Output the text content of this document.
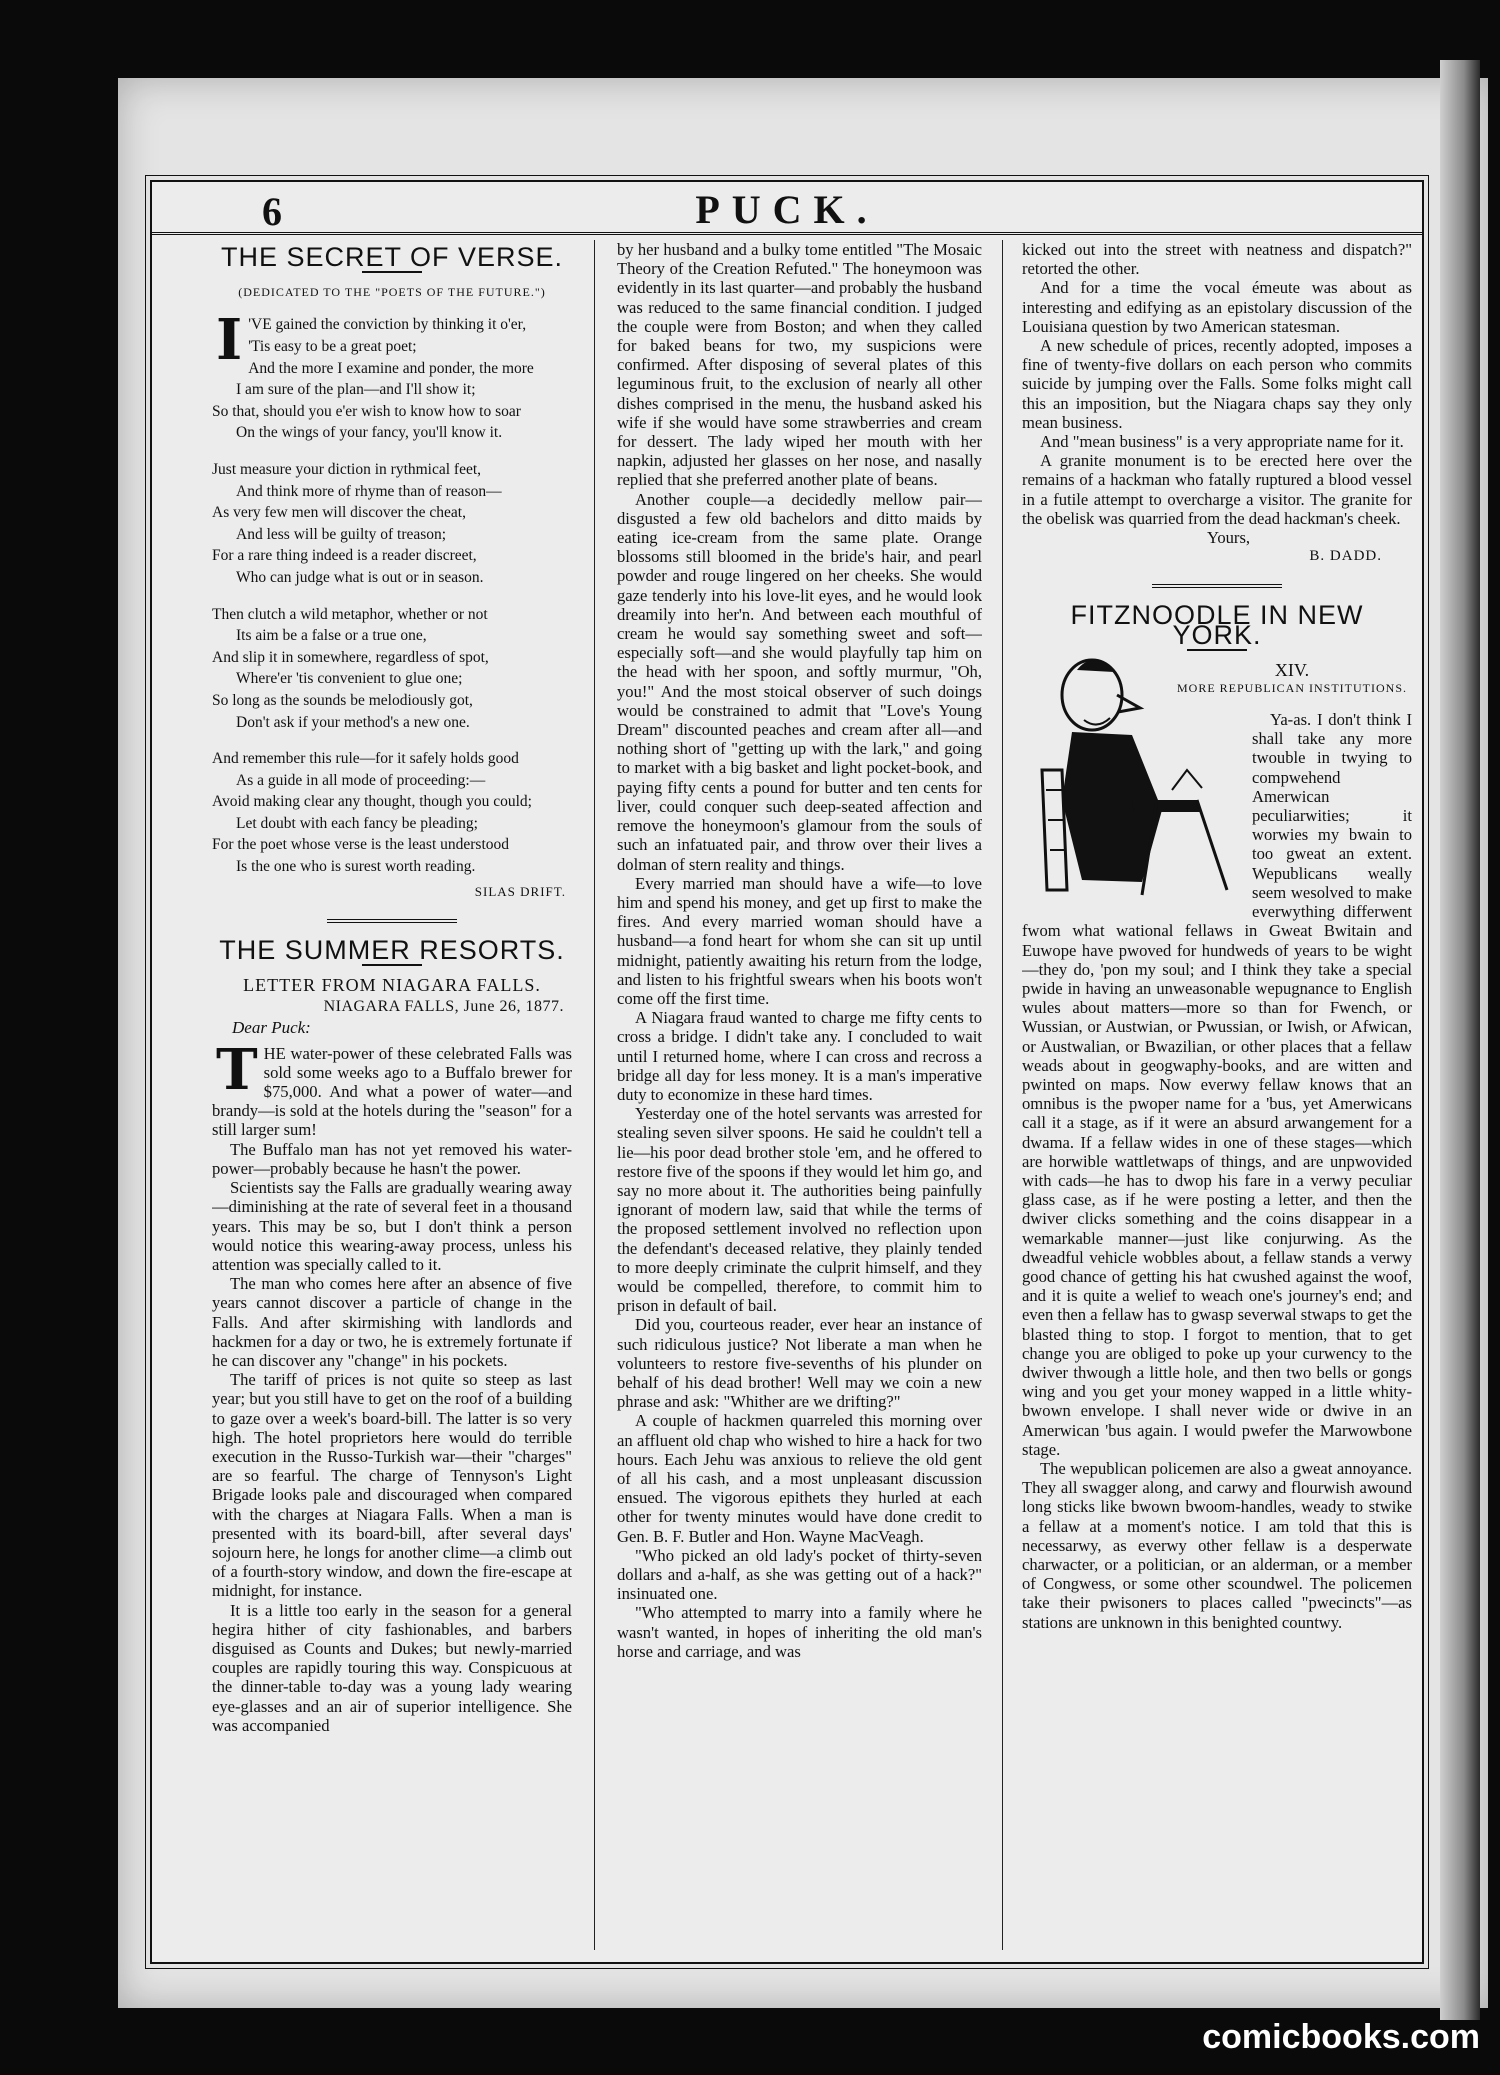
6	PUCK.
THE SECRET OF VERSE.
(DEDICATED TO THE "POETS OF THE FUTURE.")
I 'VE gained the conviction by thinking it o'er,

'Tis easy to be a great poet;

And the more I examine and ponder, the more

I am sure of the plan—and I'll show it;

So that, should you e'er wish to know how to soar

On the wings of your fancy, you'll know it.

Just measure your diction in rythmical feet,

And think more of rhyme than of reason—

As very few men will discover the cheat,

And less will be guilty of treason;

For a rare thing indeed is a reader discreet,

Who can judge what is out or in season.

Then clutch a wild metaphor, whether or not

Its aim be a false or a true one,

And slip it in somewhere, regardless of spot,

Where'er 'tis convenient to glue one;

So long as the sounds be melodiously got,

Don't ask if your method's a new one.

And remember this rule—for it safely holds good

As a guide in all mode of proceeding:—

Avoid making clear any thought, though you could;

Let doubt with each fancy be pleading;

For the poet whose verse is the least understood

Is the one who is surest worth reading.

SILAS DRIFT.
THE SUMMER RESORTS.
LETTER FROM NIAGARA FALLS.
NIAGARA FALLS, June 26, 1877.
Dear Puck:
T HE water-power of these celebrated Falls was sold some weeks ago to a Buffalo brewer for $75,000. And what a power of water—and brandy—is sold at the hotels during the "season" for a still larger sum!

The Buffalo man has not yet removed his water-power—probably because he hasn't the power.

Scientists say the Falls are gradually wearing away—diminishing at the rate of several feet in a thousand years. This may be so, but I don't think a person would notice this wearing-away process, unless his attention was specially called to it.

The man who comes here after an absence of five years cannot discover a particle of change in the Falls. And after skirmishing with landlords and hackmen for a day or two, he is extremely fortunate if he can discover any "change" in his pockets.

The tariff of prices is not quite so steep as last year; but you still have to get on the roof of a building to gaze over a week's board-bill. The latter is so very high. The hotel proprietors here would do terrible execution in the Russo-Turkish war—their "charges" are so fearful. The charge of Tennyson's Light Brigade looks pale and discouraged when compared with the charges at Niagara Falls. When a man is presented with its board-bill, after several days' sojourn here, he longs for another clime—a climb out of a fourth-story window, and down the fire-escape at midnight, for instance.

It is a little too early in the season for a general hegira hither of city fashionables, and barbers disguised as Counts and Dukes; but newly-married couples are rapidly touring this way. Conspicuous at the dinner-table to-day was a young lady wearing eye-glasses and an air of superior intelligence. She was accompanied

by her husband and a bulky tome entitled "The Mosaic Theory of the Creation Refuted." The honeymoon was evidently in its last quarter—and probably the husband was reduced to the same financial condition. I judged the couple were from Boston; and when they called for baked beans for two, my suspicions were confirmed. After disposing of several plates of this leguminous fruit, to the exclusion of nearly all other dishes comprised in the menu, the husband asked his wife if she would have some strawberries and cream for dessert. The lady wiped her mouth with her napkin, adjusted her glasses on her nose, and nasally replied that she preferred another plate of beans.

Another couple—a decidedly mellow pair—disgusted a few old bachelors and ditto maids by eating ice-cream from the same plate. Orange blossoms still bloomed in the bride's hair, and pearl powder and rouge lingered on her cheeks. She would gaze tenderly into his love-lit eyes, and he would look dreamily into her'n. And between each mouthful of cream he would say something sweet and soft—especially soft—and she would playfully tap him on the head with her spoon, and softly murmur, "Oh, you!" And the most stoical observer of such doings would be constrained to admit that "Love's Young Dream" discounted peaches and cream after all—and nothing short of "getting up with the lark," and going to market with a big basket and light pocket-book, and paying fifty cents a pound for butter and ten cents for liver, could conquer such deep-seated affection and remove the honeymoon's glamour from the souls of such an infatuated pair, and throw over their lives a dolman of stern reality and things.

Every married man should have a wife—to love him and spend his money, and get up first to make the fires. And every married woman should have a husband—a fond heart for whom she can sit up until midnight, patiently awaiting his return from the lodge, and listen to his frightful swears when his boots won't come off the first time.

A Niagara fraud wanted to charge me fifty cents to cross a bridge. I didn't take any. I concluded to wait until I returned home, where I can cross and recross a bridge all day for less money. It is a man's imperative duty to economize in these hard times.

Yesterday one of the hotel servants was arrested for stealing seven silver spoons. He said he couldn't tell a lie—his poor dead brother stole 'em, and he offered to restore five of the spoons if they would let him go, and say no more about it. The authorities being painfully ignorant of modern law, said that while the terms of the proposed settlement involved no reflection upon the defendant's deceased relative, they plainly tended to more deeply criminate the culprit himself, and they would be compelled, therefore, to commit him to prison in default of bail.

Did you, courteous reader, ever hear an instance of such ridiculous justice? Not liberate a man when he volunteers to restore five-sevenths of his plunder on behalf of his dead brother! Well may we coin a new phrase and ask: "Whither are we drifting?"

A couple of hackmen quarreled this morning over an affluent old chap who wished to hire a hack for two hours. Each Jehu was anxious to relieve the old gent of all his cash, and a most unpleasant discussion ensued. The vigorous epithets they hurled at each other for twenty minutes would have done credit to Gen. B. F. Butler and Hon. Wayne MacVeagh.

"Who picked an old lady's pocket of thirty-seven dollars and a-half, as she was getting out of a hack?" insinuated one.

"Who attempted to marry into a family where he wasn't wanted, in hopes of inheriting the old man's horse and carriage, and was

kicked out into the street with neatness and dispatch?" retorted the other.

And for a time the vocal émeute was about as interesting and edifying as an epistolary discussion of the Louisiana question by two American statesman.

A new schedule of prices, recently adopted, imposes a fine of twenty-five dollars on each person who commits suicide by jumping over the Falls. Some folks might call this an imposition, but the Niagara chaps say they only mean business.

And "mean business" is a very appropriate name for it.

A granite monument is to be erected here over the remains of a hackman who fatally ruptured a blood vessel in a futile attempt to overcharge a visitor. The granite for the obelisk was quarried from the dead hackman's cheek.

Yours,

B. DADD.

FITZNOODLE IN NEW YORK.
XIV.
MORE REPUBLICAN INSTITUTIONS.

Ya-as. I don't think I shall take any more twouble in twying to compwehend Amerwican peculiarwities; it worwies my bwain to too gweat an extent. Wepublicans weally seem wesolved to make everwything differwent fwom what wational fellaws in Gweat Bwitain and Euwope have pwoved for hundweds of years to be wight—they do, 'pon my soul; and I think they take a special pwide in having an unweasonable wepugnance to English wules about matters—more so than for Fwench, or Wussian, or Austwian, or Pwussian, or Iwish, or Afwican, or Austwalian, or Bwazilian, or other places that a fellaw weads about in geogwaphy-books, and are witten and pwinted on maps. Now everwy fellaw knows that an omnibus is the pwoper name for a 'bus, yet Amerwicans call it a stage, as if it were an absurd arwangement for a dwama. If a fellaw wides in one of these stages—which are horwible wattletwaps of things, and are unpwovided with cads—he has to dwop his fare in a verwy peculiar glass case, as if he were posting a letter, and then the dwiver clicks something and the coins disappear in a wemarkable manner—just like conjurwing. As the dweadful vehicle wobbles about, a fellaw stands a verwy good chance of getting his hat cwushed against the woof, and it is quite a welief to weach one's journey's end; and even then a fellaw has to gwasp severwal stwaps to get the blasted thing to stop. I forgot to mention, that to get change you are obliged to poke up your curwency to the dwiver thwough a little hole, and then two bells or gongs wing and you get your money wapped in a little whity-bwown envelope. I shall never wide or dwive in an Amerwican 'bus again. I would pwefer the Marwowbone stage.

The wepublican policemen are also a gweat annoyance. They all swagger along, and carwy and flourwish awound long sticks like bwown bwoom-handles, weady to stwike a fellaw at a moment's notice. I am told that this is necessarwy, as everwy other fellaw is a desperwate charwacter, or a politician, or an alderman, or a member of Congwess, or some other scoundwel. The policemen take their pwisoners to places called "pwecincts"—as stations are unknown in this benighted countwy.

comicbooks.com
